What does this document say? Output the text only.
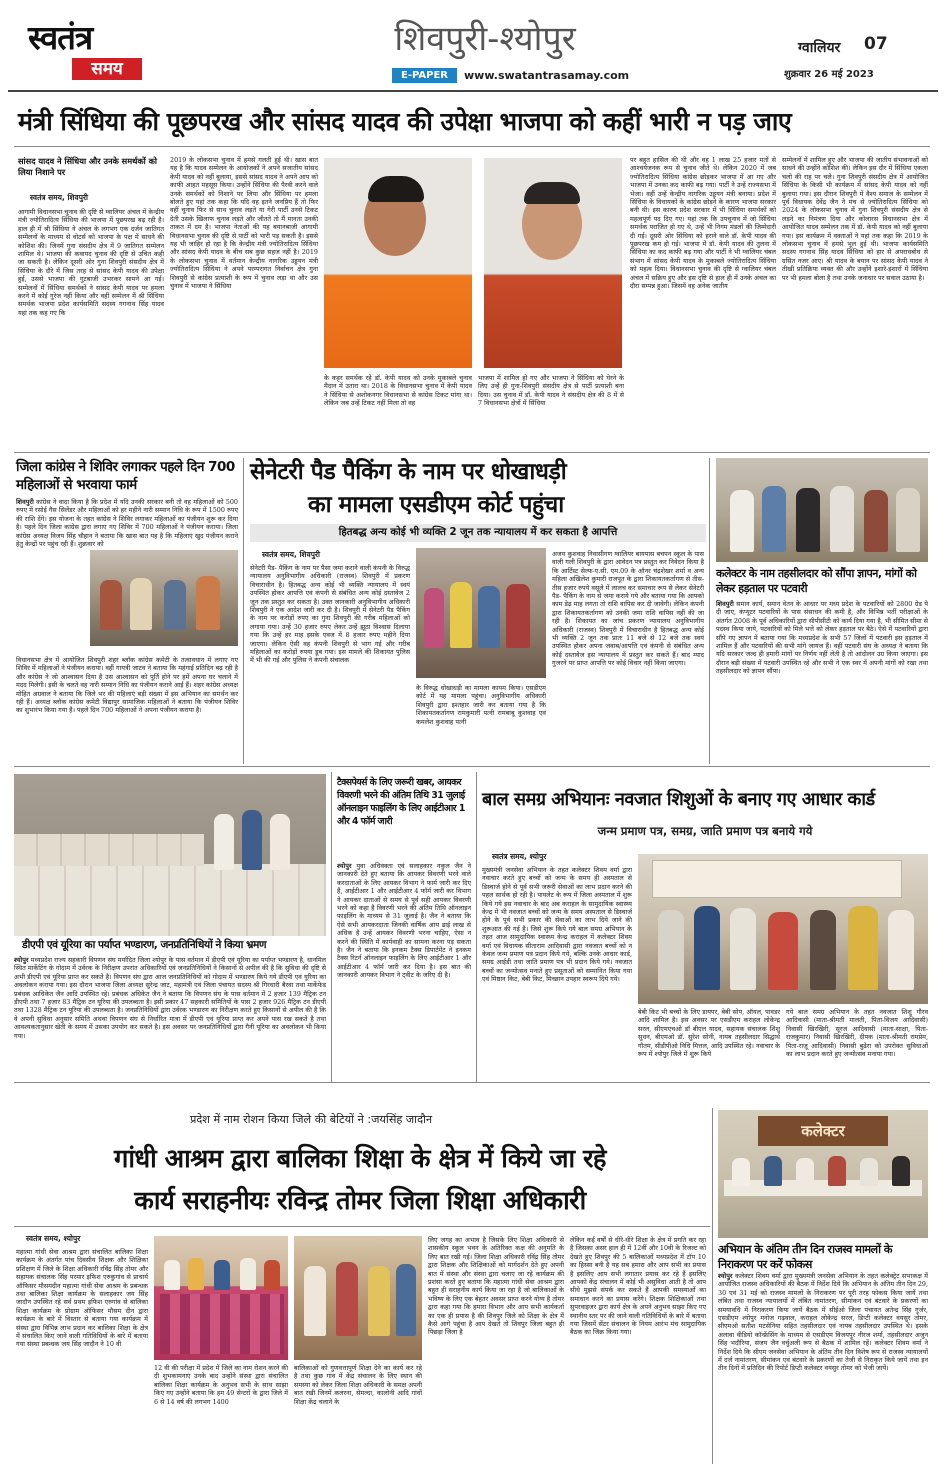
स्वतंत्र
समय
शिवपुरी-श्योपुर
E-PAPER	www.swatantrasamay.com
ग्वालियर 07
शुक्रवार 26 मई 2023
मंत्री सिंधिया की पूछपरख और सांसद यादव की उपेक्षा भाजपा को कहीं भारी न पड़ जाए
सांसद यादव ने सिंधिया और उनके समर्थकों को लिया निशाने पर
स्वतंत्र समय, शिवपुरी
आगामी विधानसभा चुनाव की दृष्टि से ग्वालियर अंचल में केन्द्रीय मंत्री ज्योतिरादित्य सिंधिया की भाजपा में पूछपरख बढ़ रही है। हाल ही में श्री सिंधिया ने अंचल के लगभग एक दर्जन जातिगत सम्मेलनों के माध्यम से वोटर्स को भाजपा के पक्ष में साधने की कोशिश की। जिनमें गुना संसदीय क्षेत्र में 9 जातिगत सम्मेलन शामिल थे। भाजपा की कवायद चुनाव की दृष्टि से उचित कही जा सकती है। लेकिन दूसरी ओर गुना शिवपुरी संसदीय क्षेत्र में सिंधिया के दौरे में जिस तरह से सांसद केपी यादव की उपेक्षा हुई, उससे भाजपा की गुटबाजी उभरकर सामने आ गई। सम्मेलनों में सिंधिया समर्थकों ने सांसद केपी यादव पर हमला करने में कोई गुरेज नहीं किया और वहीं सम्मेलन में श्री सिंधिया समर्थक भाजपा प्रदेश कार्यसमिति सदस्य गगनाथ सिंह यादव यहां तक कह गए कि
2019 के लोकसभा चुनाव में हमसे गलती हुई थी। खास बात यह है कि यादव सम्मेलन के आयोजकों ने अपने सजातीय सांसद केपी यादव को नहीं बुलाया, इससे सांसद यादव ने अपने आप को काफी आहत महसूस किया। उन्होंने सिंधिया की पैरवी करने वाले उनके समर्थकों को निशाने पर लिया और सिंधिया पर हमला बोलते हुए यहां तक कहा कि यदि वह इतने जनप्रिय हैं तो फिर वहीं चुनाव फिर से साथ चुनाव लड़ते या गेरी पार्टी उनसे टिकट देती उसके खिलाफ चुनाव लड़ते और जीतते तो मैं मानता उनकी ताकत में दम है। भाजपा नेताओं की यह बयानबाजी आगामी विधानसभा चुनाव की दृष्टि से पार्टी को भारी पड़ सकती है। इससे यह भी जाहिर हो रहा है कि केन्द्रीय मंत्री ज्योतिरादित्य सिंधिया और सांसद केपी यादव के बीच सब कुछ सहज नहीं है। 2019 के लोकसभा चुनाव में वर्तमान केन्द्रीय नागरिक उड्डयन मंत्री ज्योतिरादित्य सिंधिया ने अपने परम्परागत निर्वाचन क्षेत्र गुना शिवपुरी से कांग्रेस प्रत्याशी के रूप में चुनाव लड़ा था और उस चुनाव में भाजपा ने सिंधिया
के कट्टर समर्थक रहे डॉ. केपी यादव को उनके मुकाबले चुनाव मैदान में उतारा था। 2018 के विधानसभा चुनाव में केपी यादव ने सिंधिया से अशोकनगर विधानसभा से कांग्रेस टिकट मांगा था। लेकिन जब उन्हें टिकट नहीं मिला तो वह
भाजपा में शामिल हो गए और भाजपा ने सिंधिया को घेरने के लिए उन्हें ही गुना-शिवपुरी संसदीय क्षेत्र से पार्टी प्रत्याशी बना दिया। उस चुनाव में डॉ. केपी यादव ने संसदीय क्षेत्र की 8 में से 7 विधानसभा क्षेत्रों में सिंधिया
पर बहुत हासिल की थी और वह 1 लाख 25 हजार मतों से आश्चर्यजनक रूप से चुनाव जीते थे। लेकिन 2020 में जब ज्योतिरादित्य सिंधिया कांग्रेस छोड़कर भाजपा में आ गए और भाजपा में उनका कद काफी बढ़ गया। पार्टी ने उन्हें राज्यसभा में भेजा। वहीं उन्हें केन्द्रीय नागरिक उड्डयन मंत्री बनाया। प्रदेश में सिंधिया के विधायकों के कांग्रेस छोड़ने के कारण भाजपा सरकार बनी थी। इस कारण प्रदेश सरकार में भी सिंधिया समर्थकों को महत्वपूर्ण पद दिए गए। यहां तक कि उपचुनाव में जो सिंधिया समर्थक पराजित हो गए थे, उन्हें भी निगम मंडलों की जिम्मेदारी दी गई। दूसरी ओर सिंधिया को हराने वाले डॉ. केपी यादव की पूछपरख कम हो गई। भाजपा में डॉ. केपी यादव की तुलना में सिंधिया का कद काफी बढ़ गया और पार्टी ने भी ग्वालियर चंबल संभाग में सांसद केपी यादव के मुकाबले ज्योतिरादित्य सिंधिया को महत्व दिया। विधानसभा चुनाव की दृष्टि से ग्वालियर चंबल अंचल में सक्रिय हुए और इस दृष्टि से हाल ही में उनके अंचल का दौरा सम्पन्न हुआ। जिसमें वह अनेक जातीय
सम्मेलनों में शामिल हुए और भाजपा की जातीय संभावनाओं को साधने की उन्होंने कोशिश की। लेकिन इस दौर में सिंधिया एकला चलो की राह पर चले। गुना शिवपुरी संसदीय क्षेत्र में आयोजित सिंधिया के किसी भी कार्यक्रम में सांसद केपी यादव को नहीं बुलाया गया। इस दौरान शिवपुरी में वैश्य समाज के सम्मेलन में पूर्व विधायक देवेंद्र जैन ने मंच से ज्योतिरादित्य सिंधिया को 2024 के लोकसभा चुनाव में गुना शिवपुरी संसदीय क्षेत्र से लड़ने का निमंत्रण दिया और कोलारस विधानसभा क्षेत्र में आयोजित यादव सम्मेलन तक में डॉ. केपी यादव को नहीं बुलाया गया। इस कार्यक्रम में वक्ताओं ने यहां तक कहा कि 2019 के लोकसभा चुनाव में हमसे भूल हुई थी। भाजपा कार्यसमिति सदस्य गगनाथ सिंह यादव सिंधिया को हार से अपराधबोध से ग्रसित नजर आए। श्री यादव के बयान पर सांसद केपी यादव ने तीखी प्रतिक्रिया व्यक्त की और उन्होंने इशारे-इशारों में सिंधिया पर भी हमला बोला है तथा उनके जनाधार पर सवाल उठाया है।
जिला कांग्रेस ने शिविर लगाकर पहले दिन 700 महिलाओं से भरवाया फार्म
शिवपुरी कांग्रेस ने वादा किया है कि प्रदेश में यदि उनकी सरकार बनी तो वह महिलाओं को 500 रुपए में रसोई गैस सिलेंडर और महिलाओं को हर महीने नारी सम्मान निधि के रूप में 1500 रुपए की राशि देंगे। इस योजना के तहत कांग्रेस ने शिविर लगाकर महिलाओं का पंजीयन शुरू कर दिया है। पहले दिन जिला कांग्रेस द्वारा लगाए गए शिविर में 700 महिलाओं ने पंजीयन कराया। जिला कांग्रेस अध्यक्ष विजय सिंह चौहान ने बताया कि खास बात यह है कि महिलाएं खुद पंजीयन कराने हेतु केन्द्रों पर पहुंच रही हैं। शुक्रवार को
विधानसभा क्षेत्र में आयोजित शिवपुरी शहर ब्लॉक कांग्रेस कमेटी के तत्वावधान में लगाए गए शिविर में महिलाओं ने पंजीयन कराया। वहीं गायत्री जाटव ने बताया कि महंगाई प्रतिदिन बढ़ रही है और कांग्रेस ने जो आश्वासन दिया है उस आश्वासन को पूर्ति होने पर हमें अपना घर चलाने में मदद मिलेगी। इसी के चलते वह नारी सम्मान निधि का पंजीयन कराने आई हैं। शहर कांग्रेस अध्यक्ष मोहित अग्रवाल ने बताया कि जिले भर की महिलाएं बड़ी संख्या में इस अभियान का समर्थन कर रही हैं। अध्यक्ष ब्लॉक कांग्रेस कमेटी विद्यापुर सामाजिक महिलाओं ने बताया कि पंजीयन शिविर का शुभारंभ किया गया है। पहले दिन 700 महिलाओं ने अपना पंजीयन कराया है।
सेनेटरी पैड पैकिंग के नाम पर धोखाधड़ी
का मामला एसडीएम कोर्ट पहुंचा
हितबद्ध अन्य कोई भी व्यक्ति 2 जून तक न्यायालय में कर सकता है आपत्ति
स्वतंत्र समय, शिवपुरी
सेनेटरी पैड- पैकिंग के नाम पर पैसा जमा कराने वाली कंपनी के विरुद्ध न्यायालय अनुविभागीय अधिकारी (राजस्व) शिवपुरी में प्रकरण विचाराधीन है। हितबद्ध अन्य कोई भी व्यक्ति न्यायालय में स्वयं उपस्थित होकर आपत्ति एवं कंपनी से संबंधित अन्य कोई दस्तावेज 2 जून तक प्रस्तुत कर सकता है। उक्त जानकारी अनुविभागीय अधिकारी शिवपुरी ने एक आदेश जारी कर दी है। शिवपुरी में सेनेटरी पैड पैकिंग के नाम पर करोड़ों रुपए का गुना शिवपुरी की गरीब महिलाओं को लगाया गया। उन्हें 30 हजार रुपए लेकर उन्हें झूठा विश्वास दिलाया गया कि उन्हें हर माह इसके एवज में 8 हजार रुपए महीने दिया जाएगा। लेकिन ऐसी वह कंपनी शिवपुरी से भाग गई और गरीब महिलाओं का करोड़ों रुपया डूब गया। इस मामले की शिकायत पुलिस में भी की गई और पुलिस ने कंपनी संचालक
के विरुद्ध धोखाधड़ी का मामला कायम किया। एसडीएम कोर्ट में यह मामला पहुंचा। अनुविभागीय अधिकारी शिवपुरी द्वारा इश्तहार जारी कर बताया गया है कि शिकायतकर्तागण रामकुमारी पत्नी रामबाबू कुशवाह एवं कमलेश कुशवाह पत्नी
अजय कुशवाह निवासीगण ग्वालियर बायपास बचपन स्कूल के पास वाली गली शिवपुरी के द्वारा आवेदन पत्र प्रस्तुत कर निवेदन किया है कि आर्टिस्ट सेल्फ-ए.सी. एम.09 के ऑनर चंद्रशेखर शर्मा व अन्य महिला अखिलेश कुमारी राजपूत के द्वारा शिकायतकर्तागण से तीस-तीस हजार रुपये वसूले में लालच कर समाचार रूप से लेकर सेनेटरी पैड- पैकिंग के नाम से जमा कराये गये और बताया गया कि आपको काम डेढ़ माह लगता तो राशि वापिस कर दी जावेगी। लेकिन कंपनी द्वारा शिकायतकर्तागण को उनकी जमा राशि वापिस नहीं की जा रही है। शिकायत का जांच प्रकरण न्यायालय अनुविभागीय अधिकारी (राजस्व) शिवपुरी में विचाराधीन है हितबद्ध अन्य कोई भी व्यक्ति 2 जून तक प्रातः 11 बजे से 12 बजे तक स्वयं उपस्थित होकर अपना जवाब/आपत्ति एवं कंपनी से संबंधित अन्य कोई दस्तावेज इस न्यायालय में प्रस्तुत कर सकते हैं। बाद म्याद गुजरने पर प्राप्त आपत्ति पर कोई विचार नहीं किया जाएगा।
कलेक्टर के नाम तहसीलदार को सौंपा ज्ञापन, मांगों को लेकर हड़ताल पर पटवारी
शिवपुरी समान कार्य, समान वेतन के आधार पर मध्य प्रदेश के पटवारियों को 2800 ग्रेड पे दी जाए, कंप्यूटर पटवारियों के पास संसाधन की कमी है, और विभिन्न भर्ती परीक्षाओं के अंतर्गत 2008 के पूर्व अधिकारियों द्वारा सीपीसीटी को कार्य दिया गया है, भी सीमित सीमा से पदस्थ किया जाये, पटवारियों को मिले भत्ते को लेकर हड़ताल पर बैठे। ऐसे में पटवारियों द्वारा सौंपे गए ज्ञापन में बताया गया कि मध्यप्रदेश के सभी 57 जिलों में पटवारी इस हड़ताल में शामिल हैं और पटवारियों की सभी मांगे जायज हैं। वहीं पटवारी संघ के अध्यक्ष ने बताया कि यदि सरकार जल्द ही हमारी मांगों पर निर्णय नहीं लेती है तो आंदोलन उग्र किया जाएगा। इस दौरान बड़ी संख्या में पटवारी उपस्थित रहे और सभी ने एक स्वर में अपनी मांगों को रखा तथा तहसीलदार को ज्ञापन सौंपा।
डीएपी एवं यूरिया का पर्याप्त भण्डारण, जनप्रतिनिधियों ने किया भ्रमण
श्योपुर मध्यप्रदेश राज्य सहकारी विपणन संघ मर्यादित जिला श्योपुर के पास वर्तमान में डीएपी एवं यूरिया का पर्याप्त भण्डारण है, धानमिल स्थित मार्केटिंग के गोदाम में उर्वरक के निरीक्षण उपरांत अधिकारियों एवं जनप्रतिनिधियों ने किसानों से अपील की है कि सुविधा की दृष्टि से अभी डीएपी एवं यूरिया प्राप्त कर सकते है। विपणन संघ द्वारा आज जनप्रतिनिधियों को गोदाम में भण्डारण किये गये डीएपी एवं यूरिया का अवलोकन कराया गया। इस दौरान भाजपा जिला अध्यक्ष सुरेन्द्र जाट, महामंत्री एवं जिला पंचायत सदस्य श्री गिरधारी बैरवा तथा मार्केफेड प्रबंधक आधिकेत जैन आदि उपस्थित रहे। प्रबंधक अधिकेत जैन ने बताया कि विपणन संघ के पास वर्तमान में 2 हजार 139 मैट्रिक टन डीएपी तथा 7 हजार 83 मैट्रिक टन यूरिया की उपलब्धता है। इसी प्रकार 47 सहकारी समितियों के पास 2 हजार 926 मैट्रिक टन डीएपी तथा 1328 मैट्रिक टन यूरिया की उपलब्धता है। जनप्रतिनिधियों द्वारा उर्वरक भण्डारण का निरीक्षण करते हुए किसानों से अपील की है कि वे अपनी सुविधा अनुसार समिति अथवा विपणन संघ से निर्धारित मात्रा में डीएपी एवं यूरिया प्राप्त कर अपने पास रख सकते है तथा आवश्यकतानुसार खेती के समय में उसका उपयोग कर सकते है। इस अवसर पर जनप्रतिनिधियों द्वारा गैनी यूरिया का अवलोकन भी किया गया।
टैक्सपेयर्स के लिए जरूरी खबर, आयकर विवरणी भरने की अंतिम तिथि 31 जुलाई ऑनलाइन फाइलिंग के लिए आईटीआर 1 और 4 फॉर्म जारी
श्योपुर युवा अधिवक्ता एवं सलाहकार नकुल जैन ने जानकारी देते हुए बताया कि आयकर विवरणी भरने वाले करदाताओं के लिए आयकर विभाग ने फार्म जारी कर दिए हैं, आईटीआर 1 और आईटीआर 4 फॉर्म जारी कर विभाग ने आयकर दाताओं से समय से पूर्व सही आयकर विवरणी भरने को कहा है विवरणी भरने की अंतिम तिथि ऑनलाइन फाइलिंग के माध्यम से 31 जुलाई है। जैन ने बताया कि ऐसे सभी आयकरदाता जिनकी वार्षिक आय ढाई लाख से अधिक है उन्हें आयकर विवरणी भरना चाहिए, ऐसा न करने की स्थिति में कार्यवाही का सामना करना पड़ सकता है। जैन ने बताया कि इनकम टैक्स डिपार्टमेंट ने इनकम टैक्स रिटर्न ऑनलाइन फाइलिंग के लिए आईटीआर 1 और आईटीआर 4 फॉर्म जारी कर दिया है। इस बात की जानकारी आयकर विभाग ने ट्वीट के जरिए दी है।
बाल समग्र अभियानः नवजात शिशुओं के बनाए गए आधार कार्ड
जन्म प्रमाण पत्र, समग्र, जाति प्रमाण पत्र बनाये गये
स्वतंत्र समय, श्योपुर
मुख्यमंत्री जनसेवा अभियान के तहत कलेक्टर शिवम वर्मा द्वारा नवाचार करते हुए बच्चों को जन्म के समय ही अस्पताल से डिस्चार्ज होने से पूर्व सभी जरूरी सेवाओं का लाभ प्रदान करने की पहल सार्थक हो रही है। पायलेट के रूप में जिला अस्पताल में शुरू किये गये इस नवाचार के बाद अब कराहल के सामुदायिक स्वास्थ्य केन्द्र में भी नवजात बच्चों को जन्म के समय अस्पताल से डिस्चार्ज होने के पूर्व सभी प्रकार की सेवाओं का लाभ दिये जाने की शुरूआत की गई है। जिसे शुरू किये गये बाल समग्र अभियान के तहत आज सामुदायिक स्वास्थ्य केन्द्र कराहल में कलेक्टर शिवम वर्मा एवं विधायक सीताराम आदिवासी द्वारा नवजात बच्चों को न केवल जन्म प्रमाण पत्र प्रदान किये गये, बल्कि उनके आधार कार्ड, समग्र आईडी तथा जाति प्रमाण पत्र भी प्रदान किये गये। नवजात बच्चों का जन्मोत्सव मनाते हुए प्रसूताओं को सम्मानित किया गया एवं मिष्ठान किट, बेबी किट, मिच्छान उपहार स्वरूप दिये गये।
बेबी किट भी बच्चों के लिए डायपर, बेबी सोप, ऑयल, पावडर आदि शामिल है। इस अवसर पर एसडीएम कराहल लोकेन्द्र सरल, सीएमएचओ डॉ बीएल यादव, सहायक संचालक शिशु सुधन, बीएमओ डॉ. सुरेश सोनी, नायब तहसीलदार सिद्धार्थ गौतम, सीडीपीओ निधि मित्तल, आदि उपस्थित रहे। नवाचार के रूप में श्योपुर जिले में शुरू किये
गये बाल समग्र अभियान के तहत नवजात शिशु गौरव आदिवासी (माता-श्रीमती मालती, पिता-विजय आदिवासी) निवासी खिरखिरी, सूरज आदिवासी (माता-साक्षा, पिता-राजकुमार) निवासी खिरखिरी, दीपक (माता-श्रीमती रामप्रेम, पिता-राजू आदिवासी) निवासी बुढेरा को उपरोक्त सुविधाओं का लाभ प्रदान करते हुए जन्मोत्सव मनाया गया।
प्रदेश में नाम रोशन किया जिले की बेटियों ने :जयसिंह जादौन
गांधी आश्रम द्वारा बालिका शिक्षा के क्षेत्र में किये जा रहे
कार्य सराहनीयः रविन्द्र तोमर जिला शिक्षा अधिकारी
स्वतंत्र समय, श्योपुर
महात्मा गांधी सेवा आश्रम द्वारा संचालित बालिका शिक्षा कार्यक्रम के अंतर्गत पांच दिवसीय शिक्षक और शिक्षिका प्रशिक्षण में जिले के शिक्षा अधिकारी रविंद्र सिंह तोमर और सहायक संचालक सिंह परमार इफिश एरुकुगांव से प्राचार्य ऑफिसर मौसमदीन महात्मा गांधी सेवा आश्रम के प्रबन्धक तथा बालिका शिक्षा कार्यक्रम के सलाहकार जय सिंह जादौन उपस्थित रहे सर्व प्रथम इफिश एरुगांव से बालिका शिक्षा कार्यक्रम के प्रोग्राम ऑफिसर मौसम दीन द्वारा कार्यक्रम के बारे में विस्तार से बताया गया कार्यक्रम में संस्था द्वारा विभिन्न लाभ प्रदान कर बालिका शिक्षा के क्षेत्र में संचालित किए जाने वाली गतिविधियों के बारे में बताया गया संस्था प्रबन्धक जय सिंह जादौन ने 10 वी
12 वी की परीक्षा में प्रदेश में जिले का नाम रोशन करने की दी शुभकामनाएं उनके बाद उन्होंने संस्था द्वारा संचालित बालिका शिक्षा कार्यक्रम के अनुभव सभी के साथ साझा किए गए उन्होंने बताया कि हम 49 सेन्टरों के द्वारा जिले में 6 से 14 वर्ष की लगभग 1400
बालिकाओं को गुणवत्तापूर्ण शिक्षा देने का कार्य कर रहे है तथा कुछ गांव में केंद्र संचालन के लिए स्थान की समस्या को लेकर जिला शिक्षा अधिकारी के समक्ष अपनी बात रखी जिनमें कलरना, सेमल्दा, कालोनी आदि गांवों शिक्षा केंद्र चलाने के
लिए जगह का अभाव है जिसके लिए शिक्षा अधिकारी से शासकीय स्कूल भवन के अतिरिक्त कक्ष की अनुमति के लिए बात रखी गई। जिला शिक्षा अधिकारी रविंद्र सिंह तोमर द्वारा शिक्षक और शिक्षिकाओं को मार्गदर्शन देते हुए अपनी बात में संस्था और संस्था द्वारा चलाए जा रहे कार्यक्रम की प्रशंसा करते हुए बताया कि महात्मा गांधी सेवा आश्रम द्वारा बहुत ही सराहनीय कार्य किया जा रहा है जो बालिकाओं के भविष्य के लिए एक बेहतर अवसर प्राप्त करने योग्य है तोमर द्वारा कहा गया कि हमारा विभाग और आप सभी कार्यकर्ता का एक ही प्रयास है की शिवपुर जिले को शिक्षा के क्षेत्र में कैसे आगे पहुंचा है आप देखते तो शिवपुर जिला बहुत ही पिछड़ा जिला है
लेकिन कई वर्षों से धीरे-धीरे शिक्षा के क्षेत्र में प्रगति कर रहा है जिसका असर हाल ही में 12वीं और 10वी के रिजल्ट को देखते हुए शिवपुर की 5 बालिकाओं मध्यप्रदेश में टॉप 10 का हिस्सा बनी है यह सब हमारा और आप सभी का प्रयास है इसलिए आप सभी लगातार प्रयास कर रहे हैं इसलिए आपको केंद्र संचालन में कोई भी असुविधा आती है तो आप सीधे मुझसे संपर्क कर सकते हैं आपकी समस्याओं का समाधान करने का प्रयास करेंगे। शिक्षक शिक्षिकाओं तथा सुपरवाइजर द्वारा कार्य क्षेत्र के अपने अनुभव साझा किए गए स्थानीय स्तर पर की जाने वाली गतिविधियों के बारे में बताया गया जिसमें सेंटर संचालन के नियम आरंभ मंच सामुदायिक बैठक का जिक्र किया गया।
कलेक्टर
अभियान के अंतिम तीन दिन राजस्व मामलों के निराकरण पर करें फोकस
श्योपुर कलेक्टर शिवम वर्मा द्वारा मुख्यमंत्री जनसेवा अभियान के तहत कलेक्ट्रेट सभाकक्ष में आयोजित राजस्व अधिकारियों की बैठक में निर्देश दिये कि अभियान के अंतिम तीन दिन 29, 30 एवं 31 मई को राजस्व मामलों के निराकरण पर पूरी तरह फोकस किया जायें तथा लंबित तथा राजस्व न्यायालयों में लंबित नामांतरण, सीमांकन एवं बंटवारे के प्रकरणों का समयावधि में निराकरण किया जायें बैठक में सीईओ जिला पंचायत अतेन्द्र सिंह गुर्जर, एसडीएम श्योपुर मनोज गढ़वाल, कराहल लोकेन्द्र सरल, डिप्टी कलेक्टर वयसुर तोमर, सीएमओ सतीश मटसेनिया सहित तहसीलदार एवं नायब तहसीलदार उपस्थित थे। इसके अलावा वीडियो कॉन्फ्रेंसिंग के माध्यम से एसडीएम विजयपुर नीरज शर्मा, तहसीलदार अजुन सिंह भदौरिया, संजय जैन वर्चुअली रूप से बैठक में शामिल रहें। कलेक्टर शिवम वर्मा ने निर्देश दिये कि सीएम जनसेवा अभियान के अंतिम तीन दिन विशेष रूप से राजस्व न्यायालयों में दर्ज नामांतरण, सीमांकन एवं बंटवारे के प्रकरणों का तेजी से निराकृत किये जायें तथा इन तीन दिनों में प्रतिदिन की रिपोर्ट डिप्टी कलेक्टर वयसुर तोमर को भेजी जायें।
